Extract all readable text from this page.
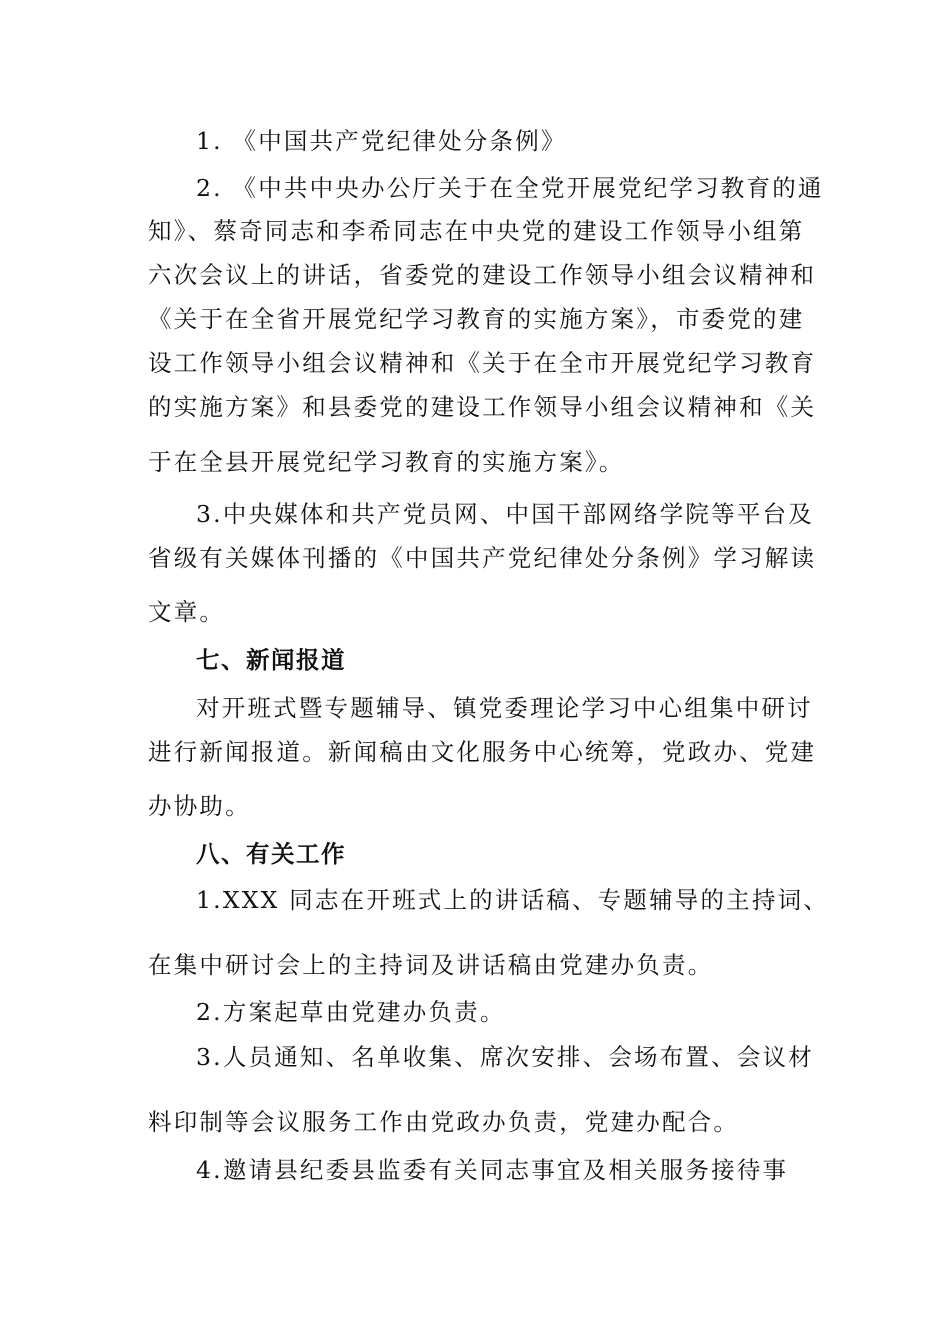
1. 《中国共产党纪律处分条例》
2. 《中共中央办公厅关于在全党开展党纪学习教育的通
知》、蔡奇同志和李希同志在中央党的建设工作领导小组第
六次会议上的讲话，省委党的建设工作领导小组会议精神和
《关于在全省开展党纪学习教育的实施方案》，市委党的建
设工作领导小组会议精神和《关于在全市开展党纪学习教育
的实施方案》和县委党的建设工作领导小组会议精神和《关
于在全县开展党纪学习教育的实施方案》。
3.中央媒体和共产党员网、中国干部网络学院等平台及
省级有关媒体刊播的《中国共产党纪律处分条例》学习解读
文章。
七、新闻报道
对开班式暨专题辅导、镇党委理论学习中心组集中研讨
进行新闻报道。新闻稿由文化服务中心统筹，党政办、党建
办协助。
八、有关工作
1.XXX 同志在开班式上的讲话稿、专题辅导的主持词、
在集中研讨会上的主持词及讲话稿由党建办负责。
2.方案起草由党建办负责。
3.人员通知、名单收集、席次安排、会场布置、会议材
料印制等会议服务工作由党政办负责，党建办配合。
4.邀请县纪委县监委有关同志事宜及相关服务接待事
